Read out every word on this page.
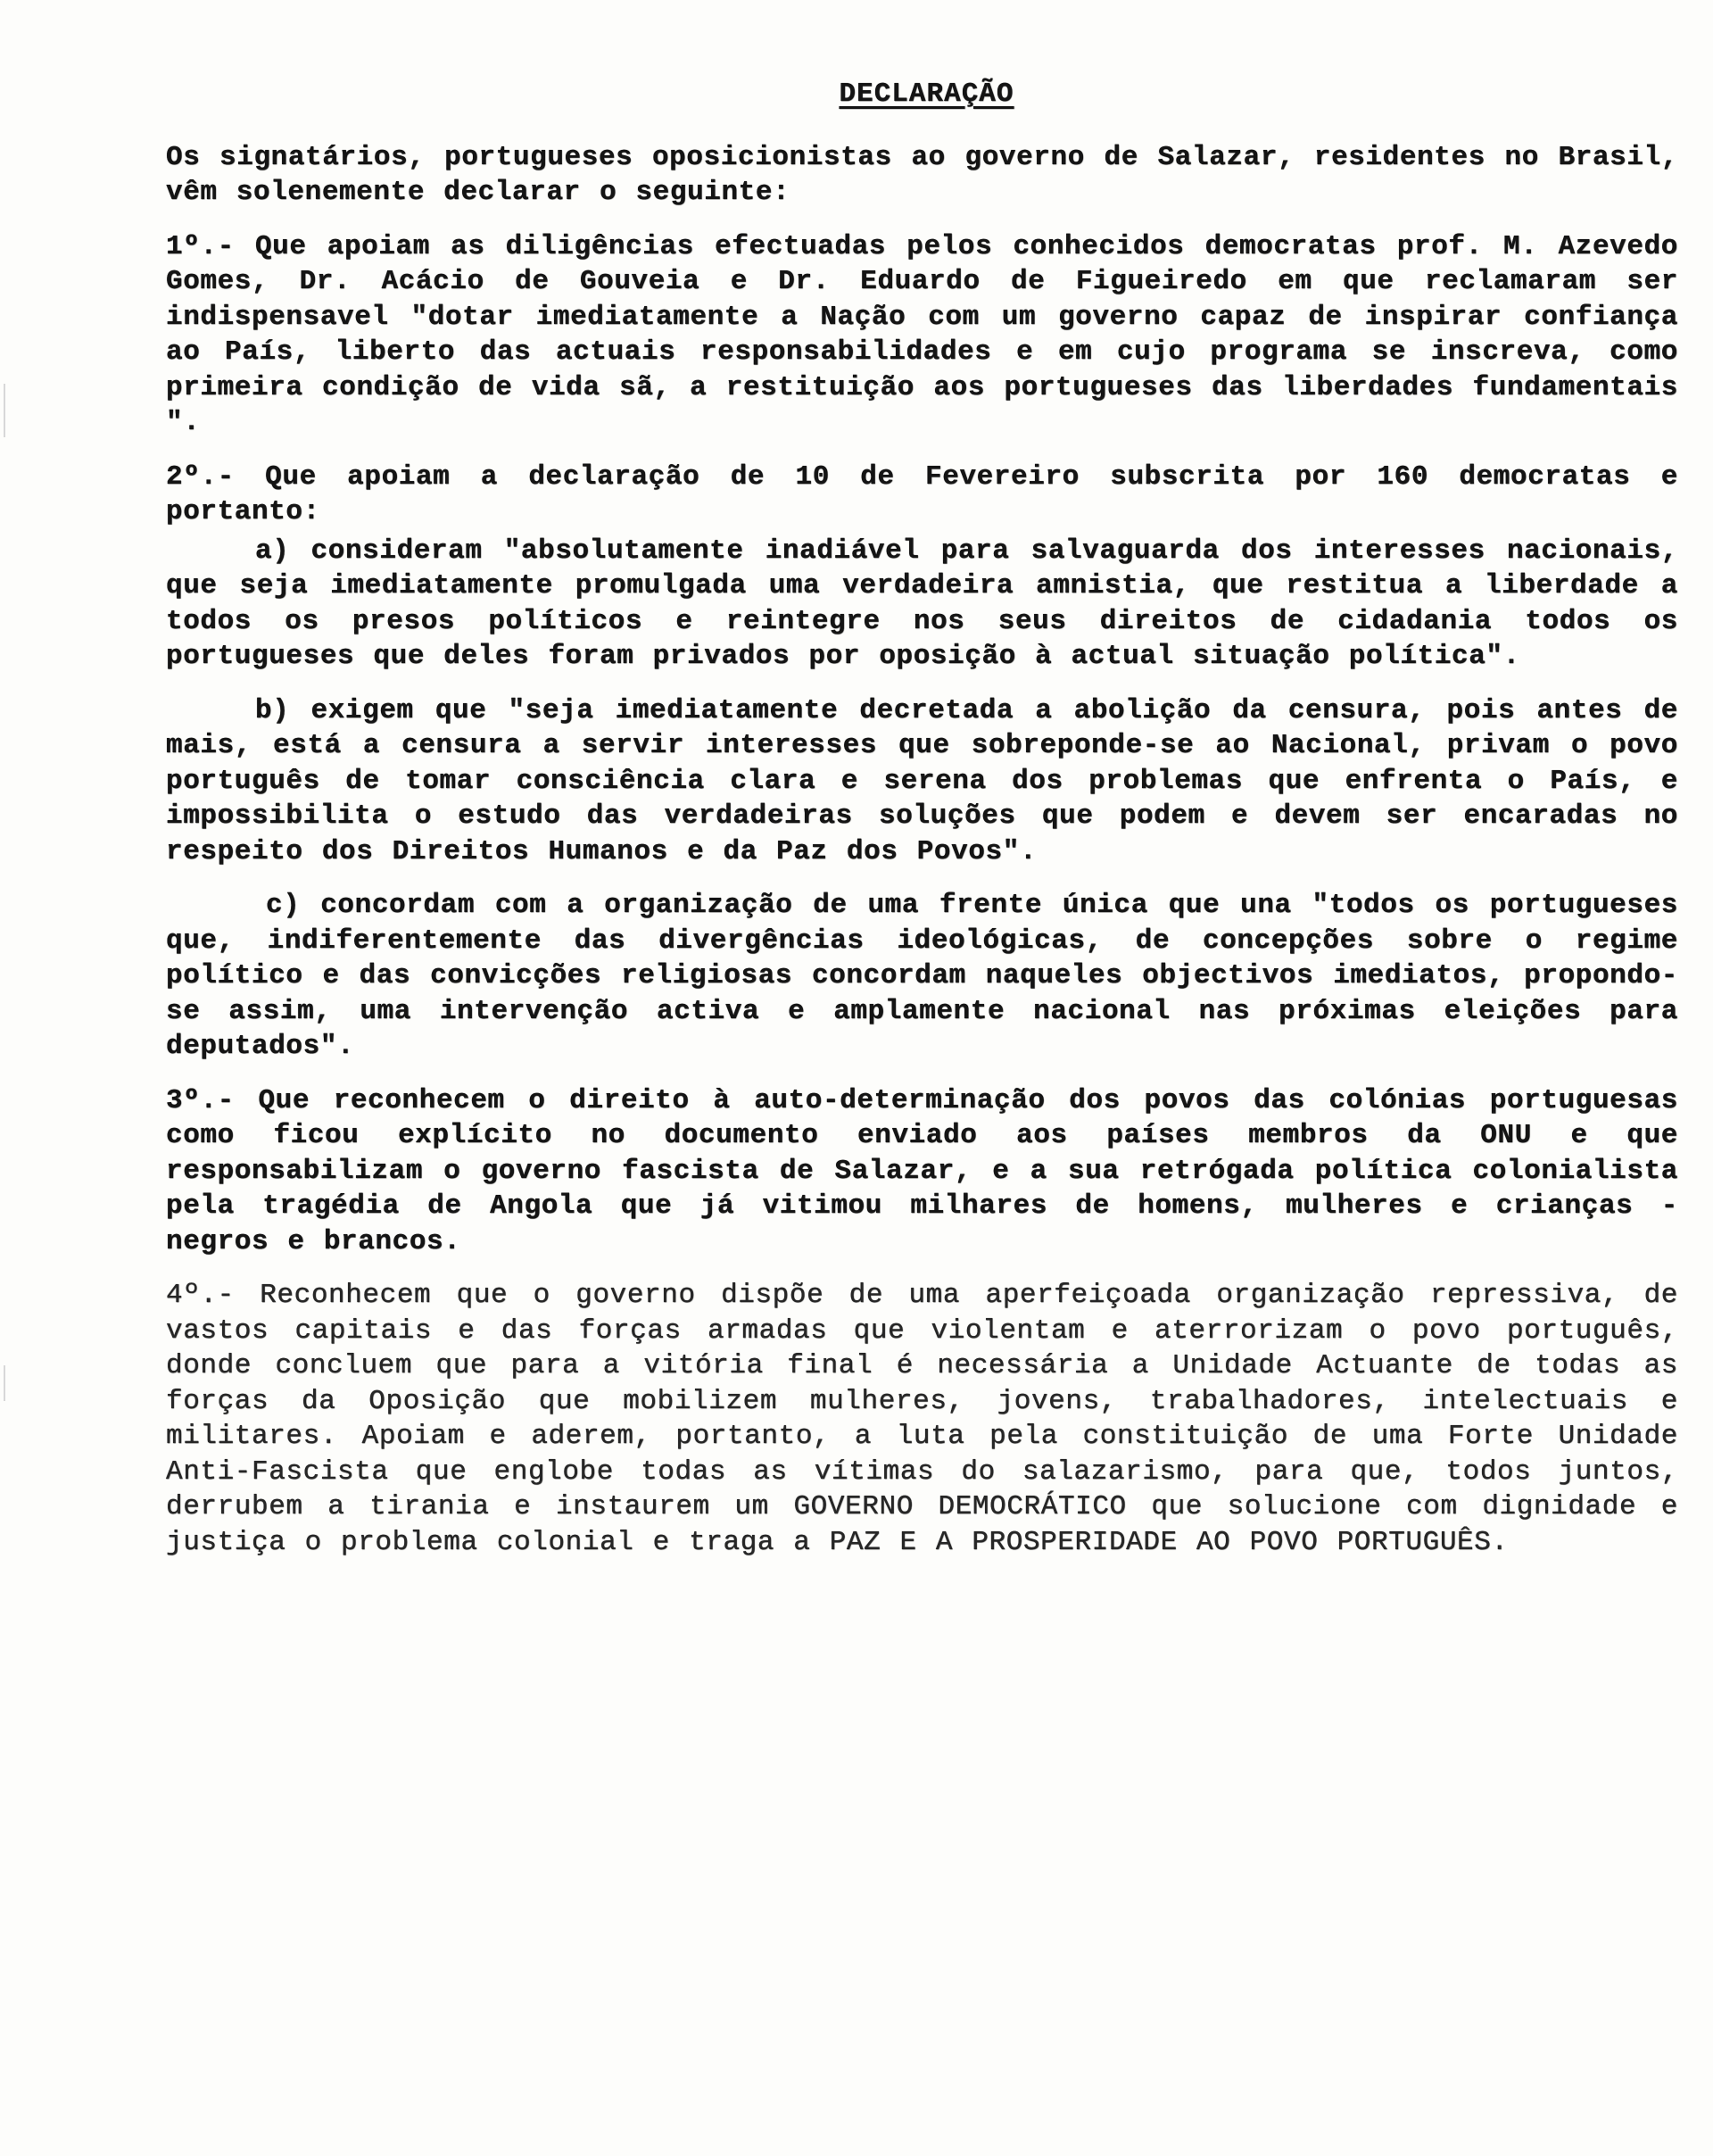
DECLARAÇÃO

Os signatários, portugueses oposicionistas ao governo de Salazar, residentes no Brasil, vêm solenemente declarar o seguinte:

1º.- Que apoiam as diligências efectuadas pelos conhecidos democratas prof. M. Azevedo Gomes, Dr. Acácio de Gouveia e Dr. Eduardo de Figueiredo em que reclamaram ser indispensavel "dotar imediatamente a Nação com um governo capaz de inspirar confiança ao País, liberto das actuais responsabilidades e em cujo programa se inscreva, como primeira condição de vida sã, a restituição aos portugueses das liberdades fundamentais ".

2º.- Que apoiam a declaração de 10 de Fevereiro subscrita por 160 democratas e portanto:

a) consideram "absolutamente inadiável para salvaguarda dos interesses nacionais, que seja imediatamente promulgada uma verdadeira amnistia, que restitua a liberdade a todos os presos políticos e reintegre nos seus direitos de cidadania todos os portugueses que deles foram privados por oposição à actual situação política".

b) exigem que "seja imediatamente decretada a abolição da censura, pois antes de mais, está a censura a servir interesses que sobreponde-se ao Nacional, privam o povo português de tomar consciência clara e serena dos problemas que enfrenta o País, e impossibilita o estudo das verdadeiras soluções que podem e devem ser encaradas no respeito dos Direitos Humanos e da Paz dos Povos".

c) concordam com a organização de uma frente única que una "todos os portugueses que, indiferentemente das divergências ideológicas, de concepções sobre o regime político e das convicções religiosas concordam naqueles objectivos imediatos, propondo-se assim, uma intervenção activa e amplamente nacional nas próximas eleições para deputados".

3º.- Que reconhecem o direito à auto-determinação dos povos das colónias portuguesas como ficou explícito no documento enviado aos países membros da ONU e que responsabilizam o governo fascista de Salazar, e a sua retrógada política colonialista pela tragédia de Angola que já vitimou milhares de homens, mulheres e crianças - negros e brancos.

4º.- Reconhecem que o governo dispõe de uma aperfeiçoada organização repressiva, de vastos capitais e das forças armadas que violentam e aterrorizam o povo português, donde concluem que para a vitória final é necessária a Unidade Actuante de todas as forças da Oposição que mobilizem mulheres, jovens, trabalhadores, intelectuais e militares. Apoiam e aderem, portanto, a luta pela constituição de uma Forte Unidade Anti-Fascista que englobe todas as vítimas do salazarismo, para que, todos juntos, derrubem a tirania e instaurem um GOVERNO DEMOCRÁTICO que solucione com dignidade e justiça o problema colonial e traga a PAZ E A PROSPERIDADE AO POVO PORTUGUÊS.
